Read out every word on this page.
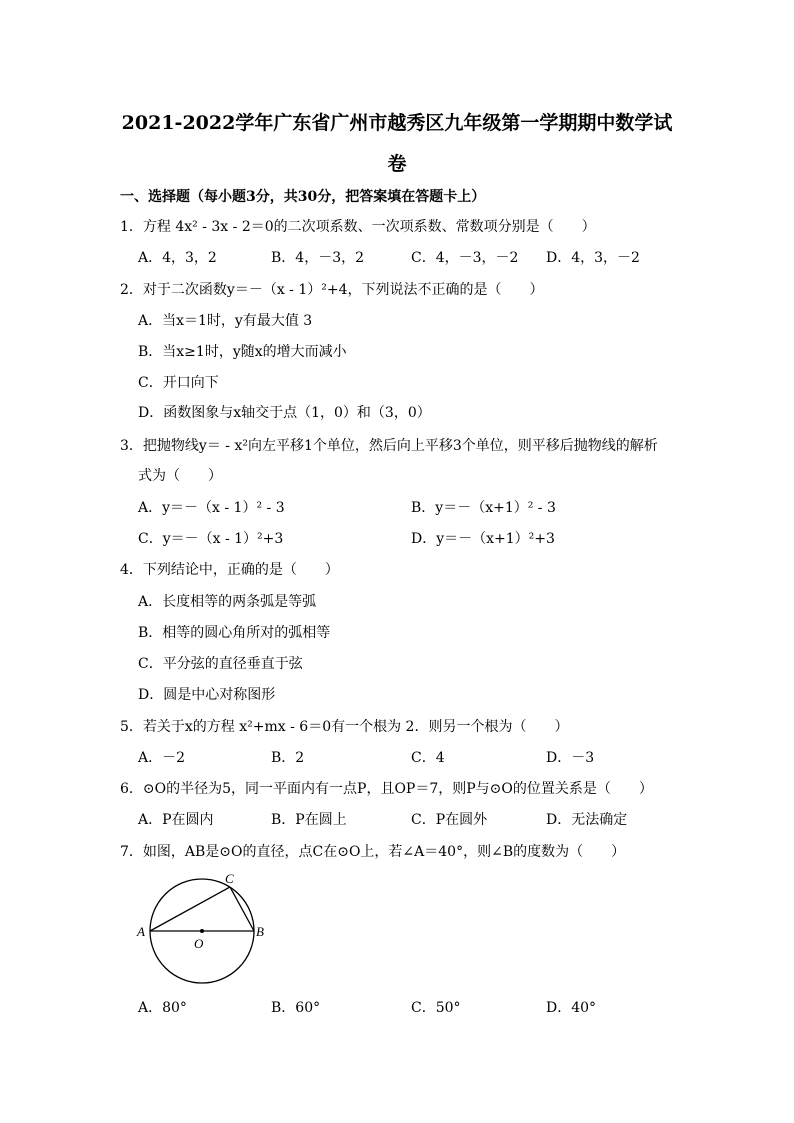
2021-2022学年广东省广州市越秀区九年级第一学期期中数学试
卷
一、选择题（每小题3分，共30分，把答案填在答题卡上）
1．方程 4x² - 3x - 2＝0的二次项系数、一次项系数、常数项分别是（　　）
A．4，3，2	B．4，－3，2	C．4，－3，－2 D．4，3，－2
2．对于二次函数y＝－（x - 1）²+4，下列说法不正确的是（　　）
A．当x＝1时，y有最大值 3
B．当x≥1时，y随x的增大而减小
C．开口向下
D．函数图象与x轴交于点（1，0）和（3，0）
3．把抛物线y＝ - x²向左平移1个单位，然后向上平移3个单位，则平移后抛物线的解析
式为（　　）
A．y＝－（x - 1）² - 3	B．y＝－（x+1）² - 3
C．y＝－（x - 1）²+3	D．y＝－（x+1）²+3
4．下列结论中，正确的是（　　）
A．长度相等的两条弧是等弧
B．相等的圆心角所对的弧相等
C．平分弦的直径垂直于弦
D．圆是中心对称图形
5．若关于x的方程 x²+mx - 6＝0有一个根为 2．则另一个根为（　　）
A．－2	B．2	C．4	D．－3
6．⊙O的半径为5，同一平面内有一点P，且OP＝7，则P与⊙O的位置关系是（　　）
A．P在圆内	B．P在圆上	C．P在圆外	D．无法确定
7．如图，AB是⊙O的直径，点C在⊙O上，若∠A＝40°，则∠B的度数为（　　）
A	B
C
O
A．80°	B．60°	C．50°	D．40°
